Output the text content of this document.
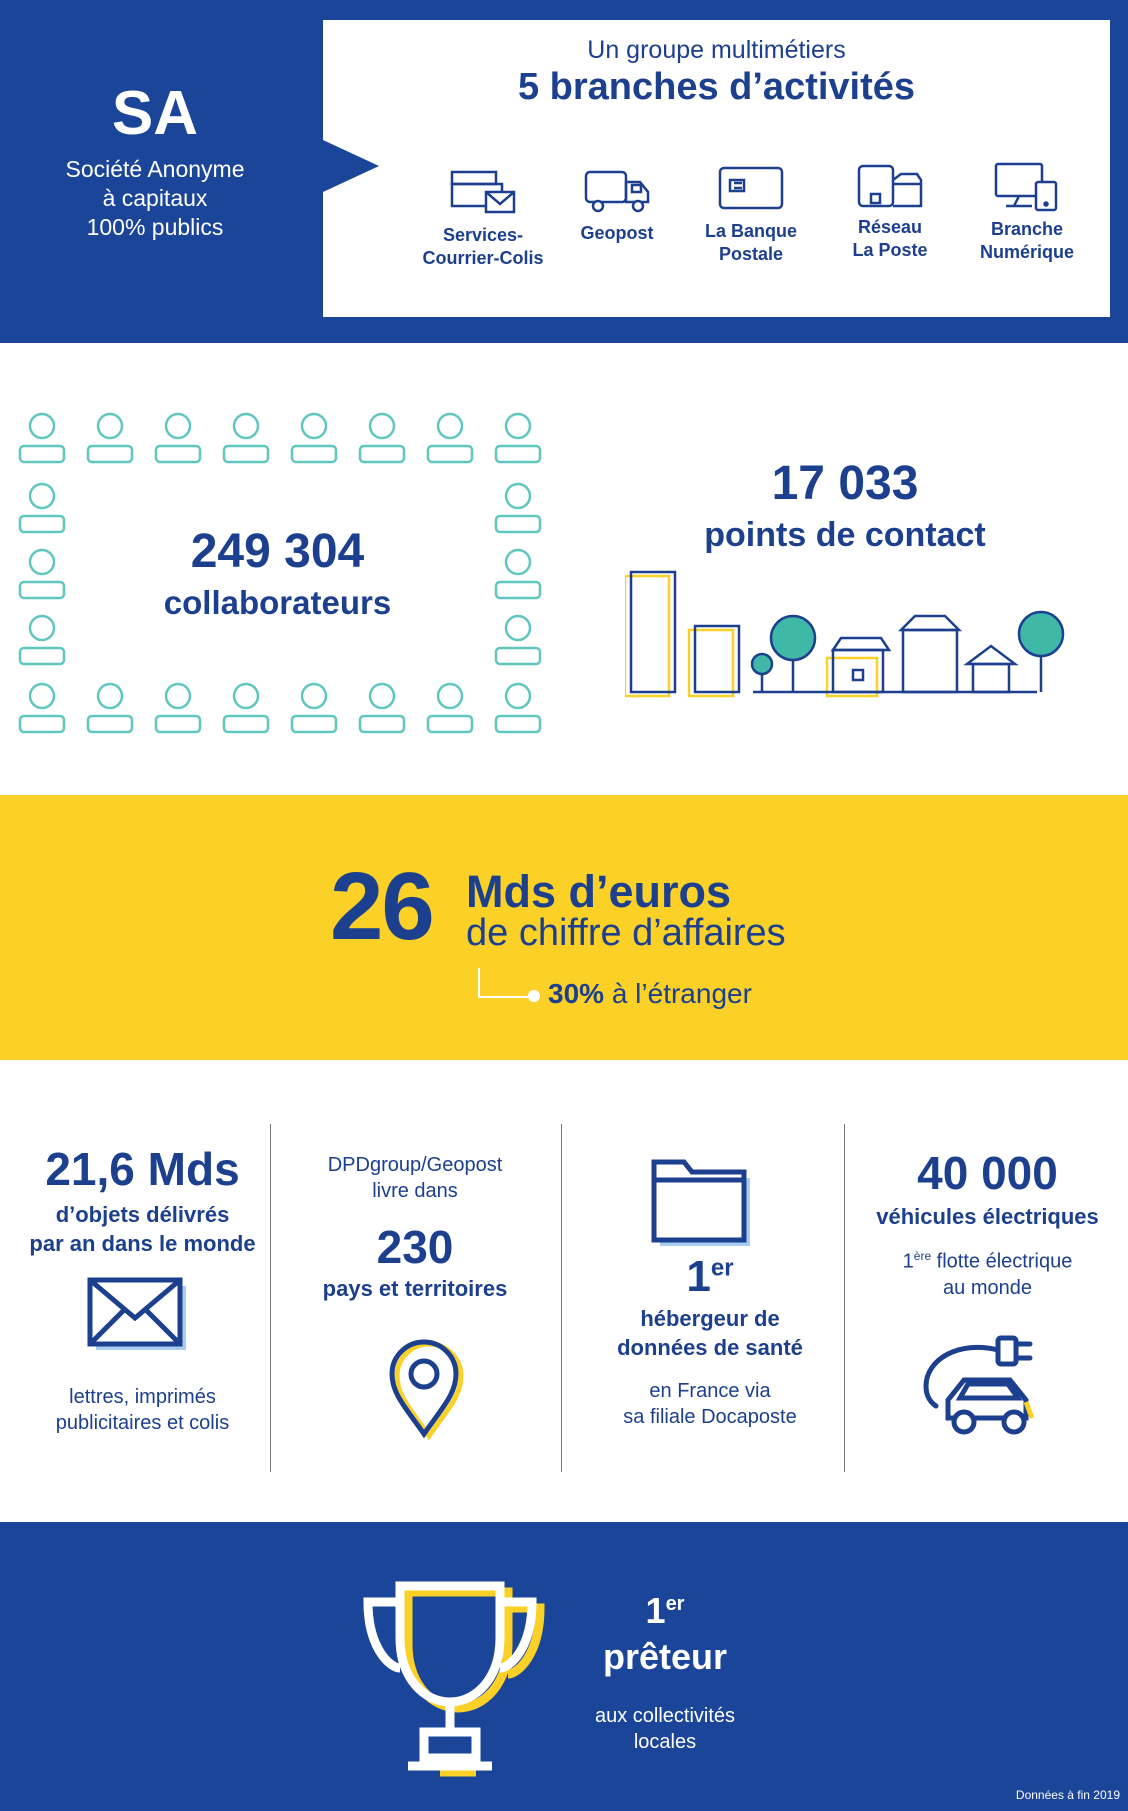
SA
Société Anonyme
à capitaux
100% publics
Un groupe multimétiers
5 branches d’activités
Services-
Courrier-Colis
Geopost	La Banque
Postale
Réseau
La Poste
Branche
Numérique
249 304
collaborateurs
17 033
points de contact
26 Mds d’euros
de chiffre d’affaires
30% à l’étranger
21,6 Mds
d’objets délivrés
par an dans le monde
lettres, imprimés
publicitaires et colis
DPDgroup/Geopost
livre dans
230
pays et territoires	1er
hébergeur de
données de santé
en France via
sa filiale Docaposte
40 000
véhicules électriques
1ère flotte électrique
au monde
1er
prêteur
aux collectivités
locales
Données à fin 2019
